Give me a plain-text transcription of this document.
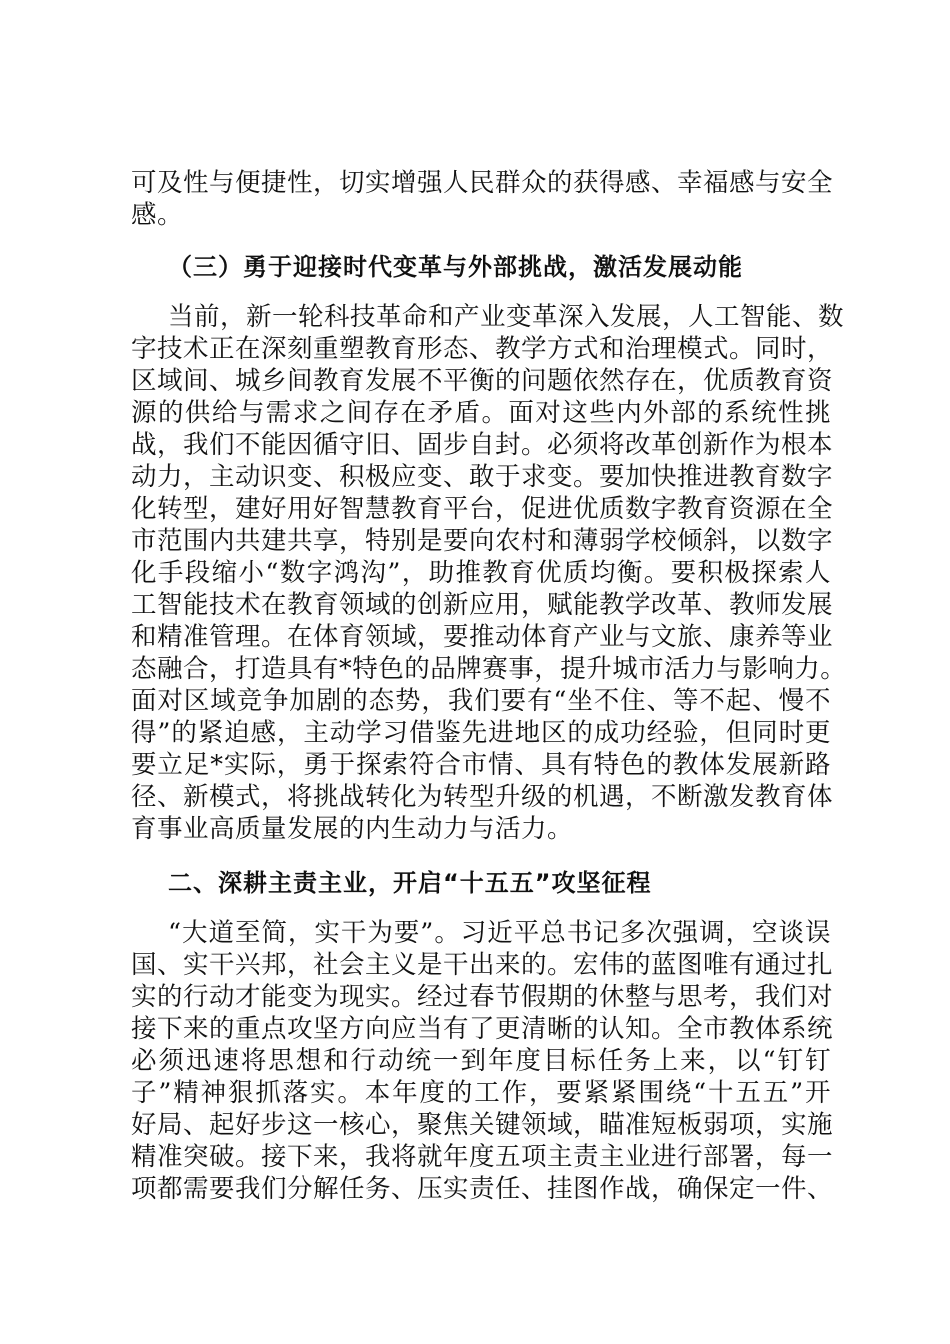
可及性与便捷性，切实增强人民群众的获得感、幸福感与安全
感。
（三）勇于迎接时代变革与外部挑战，激活发展动能
当前，新一轮科技革命和产业变革深入发展，人工智能、数
字技术正在深刻重塑教育形态、教学方式和治理模式。同时，
区域间、城乡间教育发展不平衡的问题依然存在，优质教育资
源的供给与需求之间存在矛盾。面对这些内外部的系统性挑
战，我们不能因循守旧、固步自封。必须将改革创新作为根本
动力，主动识变、积极应变、敢于求变。要加快推进教育数字
化转型，建好用好智慧教育平台，促进优质数字教育资源在全
市范围内共建共享，特别是要向农村和薄弱学校倾斜，以数字
化手段缩小“数字鸿沟”，助推教育优质均衡。要积极探索人
工智能技术在教育领域的创新应用，赋能教学改革、教师发展
和精准管理。在体育领域，要推动体育产业与文旅、康养等业
态融合，打造具有*特色的品牌赛事，提升城市活力与影响力。
面对区域竞争加剧的态势，我们要有“坐不住、等不起、慢不
得”的紧迫感，主动学习借鉴先进地区的成功经验，但同时更
要立足*实际，勇于探索符合市情、具有特色的教体发展新路
径、新模式，将挑战转化为转型升级的机遇，不断激发教育体
育事业高质量发展的内生动力与活力。
二、深耕主责主业，开启“十五五”攻坚征程
“大道至简，实干为要”。习近平总书记多次强调，空谈误
国、实干兴邦，社会主义是干出来的。宏伟的蓝图唯有通过扎
实的行动才能变为现实。经过春节假期的休整与思考，我们对
接下来的重点攻坚方向应当有了更清晰的认知。全市教体系统
必须迅速将思想和行动统一到年度目标任务上来，以“钉钉
子”精神狠抓落实。本年度的工作，要紧紧围绕“十五五”开
好局、起好步这一核心，聚焦关键领域，瞄准短板弱项，实施
精准突破。接下来，我将就年度五项主责主业进行部署，每一
项都需要我们分解任务、压实责任、挂图作战，确保定一件、
